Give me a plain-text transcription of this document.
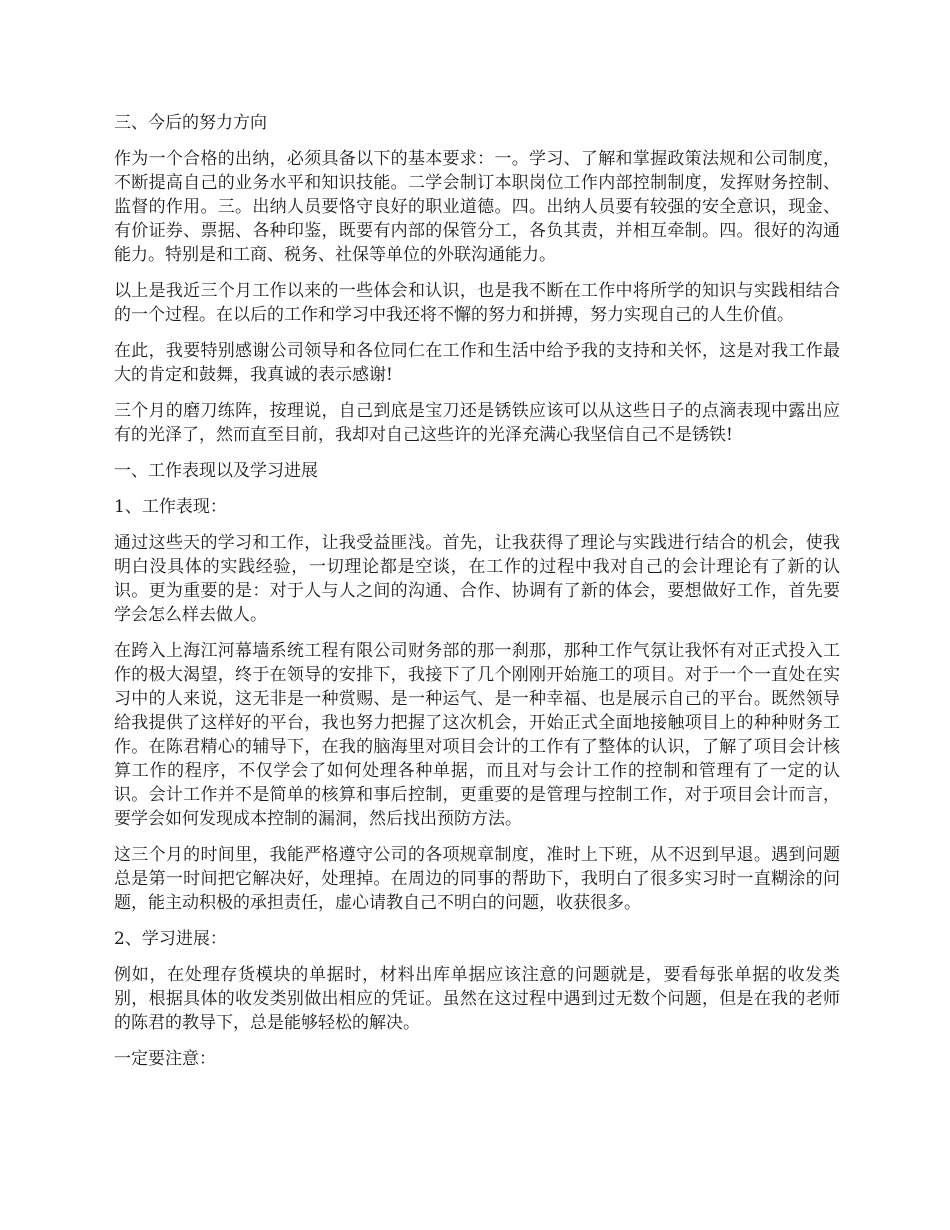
三、今后的努力方向

作为一个合格的出纳，必须具备以下的基本要求：一。学习、了解和掌握政策法规和公司制度，不断提高自己的业务水平和知识技能。二学会制订本职岗位工作内部控制制度，发挥财务控制、监督的作用。三。出纳人员要恪守良好的职业道德。四。出纳人员要有较强的安全意识，现金、有价证券、票据、各种印鉴，既要有内部的保管分工，各负其责，并相互牵制。四。很好的沟通能力。特别是和工商、税务、社保等单位的外联沟通能力。

以上是我近三个月工作以来的一些体会和认识，也是我不断在工作中将所学的知识与实践相结合的一个过程。在以后的工作和学习中我还将不懈的努力和拼搏，努力实现自己的人生价值。

在此，我要特别感谢公司领导和各位同仁在工作和生活中给予我的支持和关怀，这是对我工作最大的肯定和鼓舞，我真诚的表示感谢!

三个月的磨刀练阵，按理说，自己到底是宝刀还是锈铁应该可以从这些日子的点滴表现中露出应有的光泽了，然而直至目前，我却对自己这些许的光泽充满心我坚信自己不是锈铁!

一、工作表现以及学习进展

1、工作表现：

通过这些天的学习和工作，让我受益匪浅。首先，让我获得了理论与实践进行结合的机会，使我明白没具体的实践经验，一切理论都是空谈，在工作的过程中我对自己的会计理论有了新的认识。更为重要的是：对于人与人之间的沟通、合作、协调有了新的体会，要想做好工作，首先要学会怎么样去做人。

在跨入上海江河幕墙系统工程有限公司财务部的那一刹那，那种工作气氛让我怀有对正式投入工作的极大渴望，终于在领导的安排下，我接下了几个刚刚开始施工的项目。对于一个一直处在实习中的人来说，这无非是一种赏赐、是一种运气、是一种幸福、也是展示自己的平台。既然领导给我提供了这样好的平台，我也努力把握了这次机会，开始正式全面地接触项目上的种种财务工作。在陈君精心的辅导下，在我的脑海里对项目会计的工作有了整体的认识，了解了项目会计核算工作的程序，不仅学会了如何处理各种单据，而且对与会计工作的控制和管理有了一定的认识。会计工作并不是简单的核算和事后控制，更重要的是管理与控制工作，对于项目会计而言，要学会如何发现成本控制的漏洞，然后找出预防方法。

这三个月的时间里，我能严格遵守公司的各项规章制度，准时上下班，从不迟到早退。遇到问题总是第一时间把它解决好，处理掉。在周边的同事的帮助下，我明白了很多实习时一直糊涂的问题，能主动积极的承担责任，虚心请教自己不明白的问题，收获很多。

2、学习进展：

例如，在处理存货模块的单据时，材料出库单据应该注意的问题就是，要看每张单据的收发类别，根据具体的收发类别做出相应的凭证。虽然在这过程中遇到过无数个问题，但是在我的老师的陈君的教导下，总是能够轻松的解决。

一定要注意：
